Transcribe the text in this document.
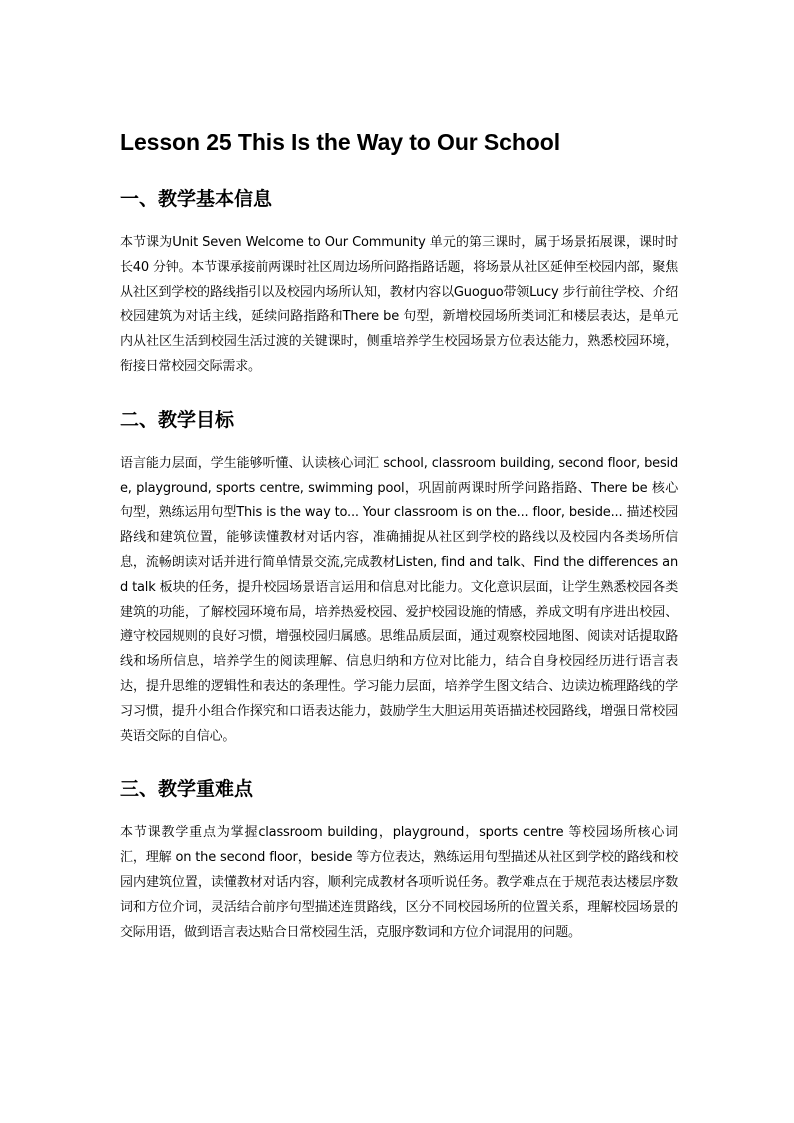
Lesson 25 This Is the Way to Our School
一、教学基本信息

本节课为Unit Seven Welcome to Our Community 单元的第三课时，属于场景拓展课，课时时长40 分钟。本节课承接前两课时社区周边场所问路指路话题，将场景从社区延伸至校园内部，聚焦从社区到学校的路线指引以及校园内场所认知，教材内容以Guoguo带领Lucy 步行前往学校、介绍校园建筑为对话主线，延续问路指路和There be 句型，新增校园场所类词汇和楼层表达，是单元内从社区生活到校园生活过渡的关键课时，侧重培养学生校园场景方位表达能力，熟悉校园环境，衔接日常校园交际需求。

二、教学目标

语言能力层面，学生能够听懂、认读核心词汇 school, classroom building, second floor, beside, playground, sports centre, swimming pool，巩固前两课时所学问路指路、There be 核心句型，熟练运用句型This is the way to... Your classroom is on the... floor, beside... 描述校园路线和建筑位置，能够读懂教材对话内容，准确捕捉从社区到学校的路线以及校园内各类场所信息，流畅朗读对话并进行简单情景交流,完成教材Listen, find and talk、Find the differences and talk 板块的任务，提升校园场景语言运用和信息对比能力。文化意识层面，让学生熟悉校园各类建筑的功能，了解校园环境布局，培养热爱校园、爱护校园设施的情感，养成文明有序进出校园、遵守校园规则的良好习惯，增强校园归属感。思维品质层面，通过观察校园地图、阅读对话提取路线和场所信息，培养学生的阅读理解、信息归纳和方位对比能力，结合自身校园经历进行语言表达，提升思维的逻辑性和表达的条理性。学习能力层面，培养学生图文结合、边读边梳理路线的学习习惯，提升小组合作探究和口语表达能力，鼓励学生大胆运用英语描述校园路线，增强日常校园英语交际的自信心。

三、教学重难点

本节课教学重点为掌握classroom building，playground，sports centre 等校园场所核心词汇，理解 on the second floor，beside 等方位表达，熟练运用句型描述从社区到学校的路线和校园内建筑位置，读懂教材对话内容，顺利完成教材各项听说任务。教学难点在于规范表达楼层序数词和方位介词，灵活结合前序句型描述连贯路线，区分不同校园场所的位置关系，理解校园场景的交际用语，做到语言表达贴合日常校园生活，克服序数词和方位介词混用的问题。
